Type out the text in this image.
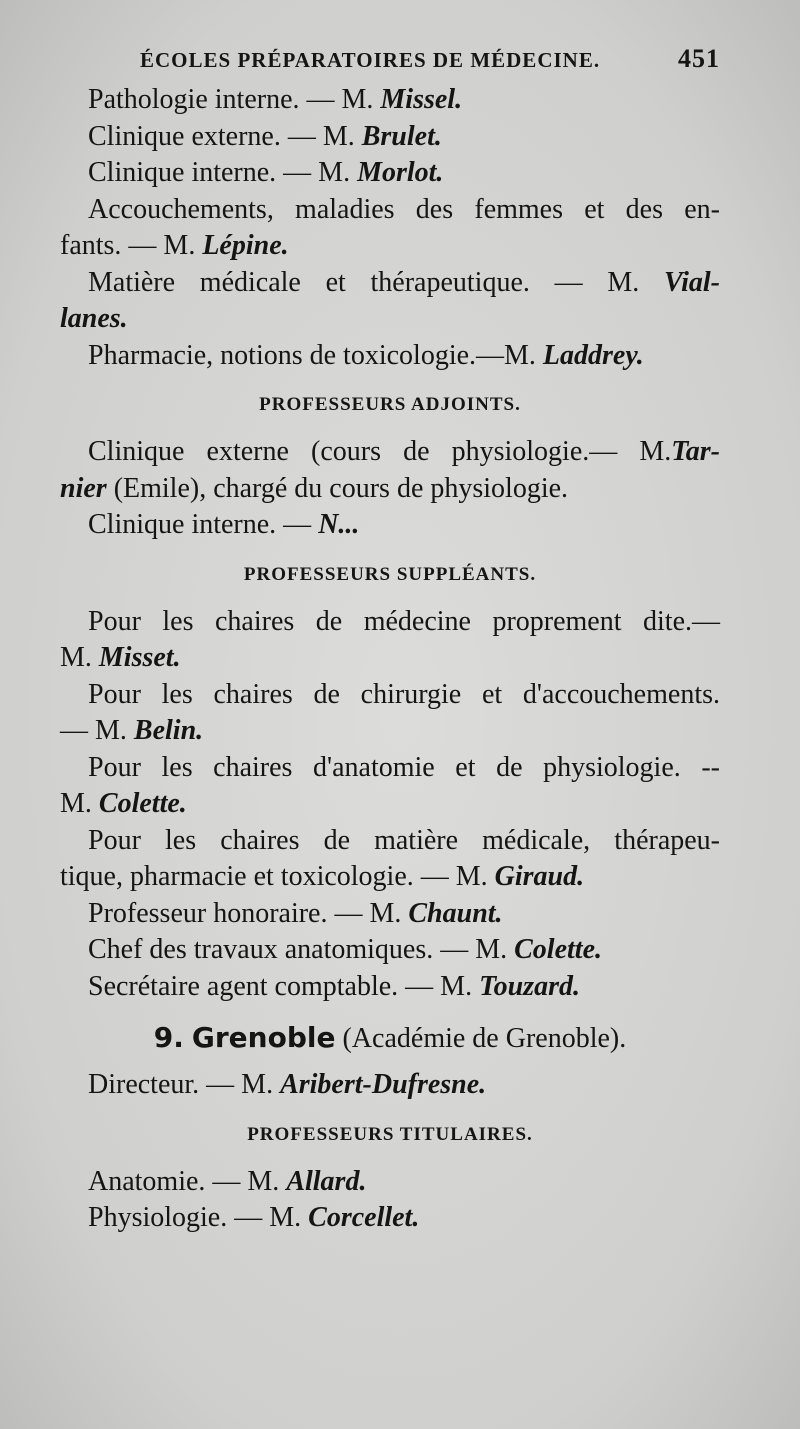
ÉCOLES PRÉPARATOIRES DE MÉDECINE.	451
Pathologie interne. — M. Missel.
Clinique externe. — M. Brulet.
Clinique interne. — M. Morlot.
Accouchements, maladies des femmes et des en-
fants. — M. Lépine.
Matière médicale et thérapeutique. — M. Vial-
lanes.
Pharmacie, notions de toxicologie.—M. Laddrey.
PROFESSEURS ADJOINTS.
Clinique externe (cours de physiologie.— M.Tar-
nier (Emile), chargé du cours de physiologie.
Clinique interne. — N...
PROFESSEURS SUPPLÉANTS.
Pour les chaires de médecine proprement dite.—
M. Misset.
Pour les chaires de chirurgie et d'accouchements.
— M. Belin.
Pour les chaires d'anatomie et de physiologie. --
M. Colette.
Pour les chaires de matière médicale, thérapeu-
tique, pharmacie et toxicologie. — M. Giraud.
Professeur honoraire. — M. Chaunt.
Chef des travaux anatomiques. — M. Colette.
Secrétaire agent comptable. — M. Touzard.
9. Grenoble (Académie de Grenoble).
Directeur. — M. Aribert-Dufresne.
PROFESSEURS TITULAIRES.
Anatomie. — M. Allard.
Physiologie. — M. Corcellet.
